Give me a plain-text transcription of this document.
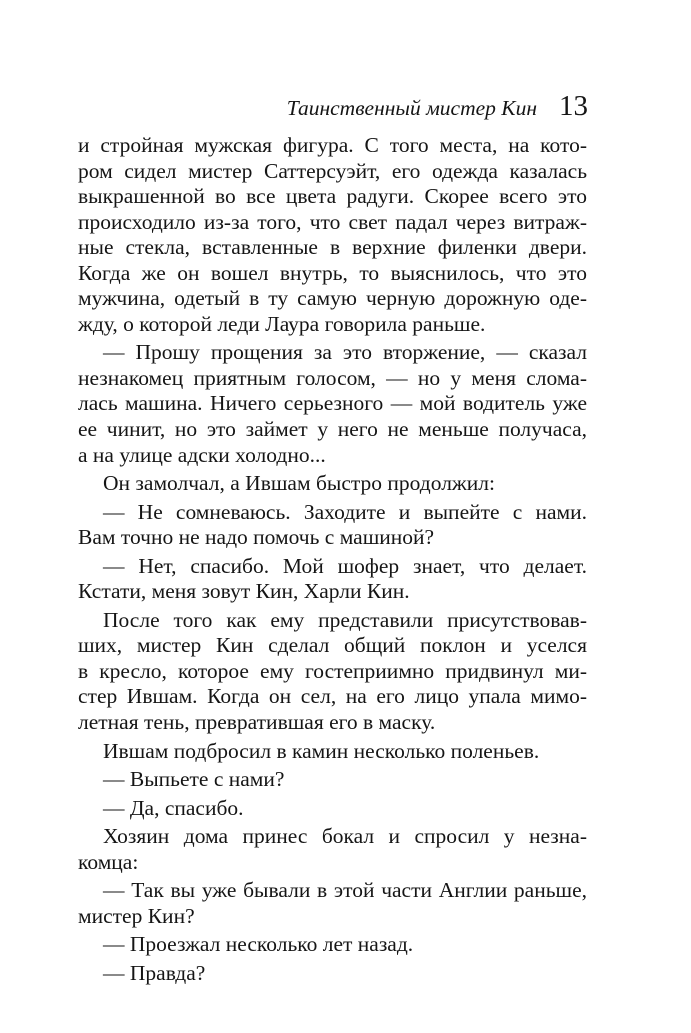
Таинственный мистер Кин 13
и стройная мужская фигура. С того места, на кото-
ром сидел мистер Саттерсуэйт, его одежда казалась
выкрашенной во все цвета радуги. Скорее всего это
происходило из-за того, что свет падал через витраж-
ные стекла, вставленные в верхние филенки двери.
Когда же он вошел внутрь, то выяснилось, что это
мужчина, одетый в ту самую черную дорожную оде-
жду, о которой леди Лаура говорила раньше.
— Прошу прощения за это вторжение, — сказал
незнакомец приятным голосом, — но у меня слома-
лась машина. Ничего серьезного — мой водитель уже
ее чинит, но это займет у него не меньше получаса,
а на улице адски холодно...
Он замолчал, а Ившам быстро продолжил:
— Не сомневаюсь. Заходите и выпейте с нами.
Вам точно не надо помочь с машиной?
— Нет, спасибо. Мой шофер знает, что делает.
Кстати, меня зовут Кин, Харли Кин.
После того как ему представили присутствовав-
ших, мистер Кин сделал общий поклон и уселся
в кресло, которое ему гостеприимно придвинул ми-
стер Ившам. Когда он сел, на его лицо упала мимо-
летная тень, превратившая его в маску.
Ившам подбросил в камин несколько поленьев.
— Выпьете с нами?
— Да, спасибо.
Хозяин дома принес бокал и спросил у незна-
комца:
— Так вы уже бывали в этой части Англии раньше,
мистер Кин?
— Проезжал несколько лет назад.
— Правда?
